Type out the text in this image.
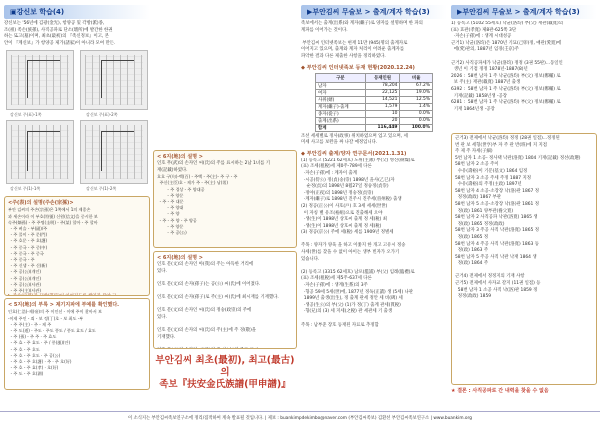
▣강신보 학습(4)
강신보는 '56년에 김광(金光), 항양공 및 각방(派)종,
조(祖) 족손(族孫), 사직공파로 단소(壇所)에 발간한 한권
하는 또고(墓)이며, 최초(最初)의 『족신정보』이고, 본
안이 『계신보』가 항양공 제가(諸家)이 아니라 모여 만든.
강신보 주(표)-1쪽	강신보 주(표)-2쪽
강신보 주(1)-1쪽	강신보 주(1)-2쪽
<주(表)의 설명(주손(宗孫)>
부안 김씨의 주손(宗孫)은 1쪽에서 1의 제종손
과 세손이라 이 부호(符號) 신원(信文)을 중시한 보
숙주(嫡孫) - 주 주명(圭明) - 주(某) 할아 - 주 할아
- 주 벼슬 - 부(副)/주
- 주 풀이 - 주 문(門)
- 주 호문 - 주 호(護)
- 주 중국 - 주 중(中)
- 주 중국 - 주 중국
- 주 중국 - 주
- 주 신생 - 주 신(新)
- 주 공(公)(개인)
- 주 공(公)(개인)
- 주 공(公)(사관)
- 주 주(主)(사관)
< 5지(地)의 부록 > 제기지파에 부예를 확인했다.
인호(仁浩)-제(帝)의 주 이인선 - 이에 주이 찾아서 보
-이제 주인 - 뢰 - 보 정(丁)호 - 보 최도 -부
- 주 주(主) - 주 - 제 주
- 주 도(道) - 주도 · 주도 풍도 / 풍도 효도 / 효도
- 주 (孫) - 주 주 · 주 효도
- 주 효 - 주 효도 · 주 / 풍(風)(안)
- 주 호 - 주 호도
- 주 호 - 주 호도 · 주 공(公)
- 주 호 - 주 호(護) · 주 · 주 호(好)
- 주 호 - 주 효(孝) · 호(好)
- 주 도 - 주 호(湖)
< 6지(地)의 설명 >
인호 무(武)의 손자인 씨(氏)의 주를 표시하는 2남 1녀를 기
재(記載)하였다.
호호 구(句)-백(百) - 주백 - 주(主)- 주 구 - 주
주신(主臣)호 - 제가 주 - 주(主) 남(男)
- 주 경상 - 주 양대공
- 주 양문
- 주 - 주 대문
- 주 양대
- 주 양
- 주 - 주 양 - 주 양공
- 주 양문
- 주 공(公)
< 6지(地)의 설명 >
인호 문(文)의 손자인 아(我)의 주는 아득한 거리에
있다.

인호 문(文)의 손자(孫子)는 공(公) 씨(氏)에 이어졌다.

인호 문(文)의 손자(孫子)로 주(主) 씨(氏)에 최시재를 기재했다.

인호 문(文)의 손자인 씨(氏)의 정숭(政崇)의 주에
있다.

인호 문(文)의 손자의 씨(氏)의 주(主)에 주 경(敬)을
기재했다.

부안김씨 최초(最初), 최고(最古)의
족보『扶安金氏族譜(甲申譜)』
▶부안김씨 무술보 > 출계/계자 학습(3)
족보에서는 출계(出系)와 계자(繼子)로 양자를 설명하며 한 파의
계파를 이어가는 것이다.

부안김씨 인터넷족보는 현재 11만 (945)명의 출계자로
이어지고 있으며, 출계와 계자 처리이 어려운 출계자를
파악한 결과 다른 제출한 사항을 정리하였다.
◆ 부안김씨 인터넷족보 등재 현황(2020.12.24)
구분	등재인원	비율
남자	78,204	67.2%
여자	22,125	19.0%
사위(婿)	14,521	12.5%
계자(繼子)·출계	1,579	1.4%
종자(從子)	10	0.0%
출계(出系)	20	0.0%
합계	116,449	100.0%
조선 세세별로 정사(政事) 위치하였으며 업고 있으며, 세
미세 사고를 보완을 짜 나갈 예정입니다.
◆ 부안김씨 출계/양자 연구문서(2021.1.31)
(1) 등록고 (5221 62세호) 도위(主簿) 부(父) 병신(辯燦)로
(표) 조세(租稅)세 제0주-789세 다른
·자손(子孫)에 : 계자이 출계
·시공(侍公) 정(貞)숭(崇) 1898년 을사(乙巳)자
순정(貞)의 1898년 8월27일 정숭정(貞崇)
·정야(正夜)의 1898년 정숭정(貞崇)
·계자(繼子)로 1898년 진주시 진주세(晉州稅) 출생
(2) 정공(正公)이 사호(戶) 호 3세 세세(世世)
이 자칭 별 유조(裕組)으로 진출해세 오야
·생(生)이 1898년 상호씨 출계 정 세(稅) 최
·생(生)이 1898년 상호씨 출계 정 세(稅)
(3) 경공(京公) 주에 세(稅) 세를 1909년 정별세

주목 : 양자가 양육 을 하고 이쫓지 한 개고 고유시 정숭
사세(世)를 찾을 수 없이 아이는 생부 빈자가 오가기
있습니다.

(2) 등록고 (3315 62세호) 남포(濫浦) 부(父) 임례(臨禮)로
(표) 조세(租稅)세 제5주-637세 다른
·자손(子孫)에 : 생계(生系)의 3주
·형공 59세 5세(世)에, 1877년 정독(正讀) 생 (5세) 나관
1899년 출생(出生), 정 출계 관세 정안 세 비(碑) 세
·생공(生公)의 부(父) (1)가 정(丁) 출계 관세(貫稅)
·형(兄)의 (3) 세 지세(之稅) 관 세관세 기 출생

주목 : 남부준 장호 등재된 자료로 추정함
▶부안김씨 무술보 > 출계/계자 학습(3)
1) 등록고 (5102 55세호) 낙균(洛均) 부(父) 재관(載寬)의
(표) 효관(孝寬) 제8관-625쪽 3단
·자손(子孫)에 : 생계 시대성공
근거1) 낙균(洛均)은 1870년 기묘(己卯)정, 애관(愛寬)에
에(愛)관의, 1887년 임경(壬京)주

근거2) 사직공파세가 낙균(洛均) 정정 (3권 55판)...동일인
생년 이 기점 정정 1878년-1887(8)년
2026 :  58번 남자 1 주 낙균(洛均) 부(父) 정보(鄭輔) 로
보 주(主) 재관(載寬) 1887년 출생
6392 :  58번 남자 1 주 낙균(洛均) 부(父) 정보(鄭輔) 로
기재(記載) 1858년생 -공장
6281 :  58번 남자 1 주 낙균(洛均) 부(父) 정보(鄭輔) 로
기재 1864년생 -공장
근거3) 전제에서 낙균(洛均) 정정 (28권 일점)...정정된
번 관 보 세형(世亨)부 자 주 관 반(班)에 지 지점
주 제 주 자세(子細)
5번 남자 1 소공- 정사택 낙관(洛寬) 1804 기재(記載) 정선(政選)
58번 남자 2 소공 주이
수유(壽裕)이 기문(基文) 1864 임정
58번 남자 3 소공 주세 주정 1887 지정
수유(壽裕)의 주정(主政) 1897년
58번 남자 4 소공-소장장 낙(洛)관 1867 정
정정(政政) 1867 부관
58번 남자 5 소공-소장장 낙(洛)관 1861 정
정(政) 1861 양부관(養父寬)
58번 남자 2 사직공파 낙관(洛寬) 1865 생
정(政) 1865 정정(政政)
58번 남자 3 주공 사직 낙관(洛寬) 1865 정
정(政) 1865 정
58번 남자 4 주공 사직 낙관(洛寬) 1863 등
정(政) 1863 주
58번 남자 5 주공 사직 낙관 낙재 1864 생
정(政) 1864 주

근거4) 전제에서 정정지의 기재 사항
근거5) 전제에서 사자교 갈지 (11권 일점) 등
58번 남자 1 소공 사직 낙(洛)관 1859 정
정정(政政) 1859
★ 결론 : 사직공파로 간 내력을 찾을 수 없음
이 소식지는 부안김씨족보연구소에 정리/집적하여 계속 발표될 것입니다. | 제보 : buankimpdekimbo@naver.com (부안김씨족보) 김환선 부안김씨족보연구소 | www.buankim.org
